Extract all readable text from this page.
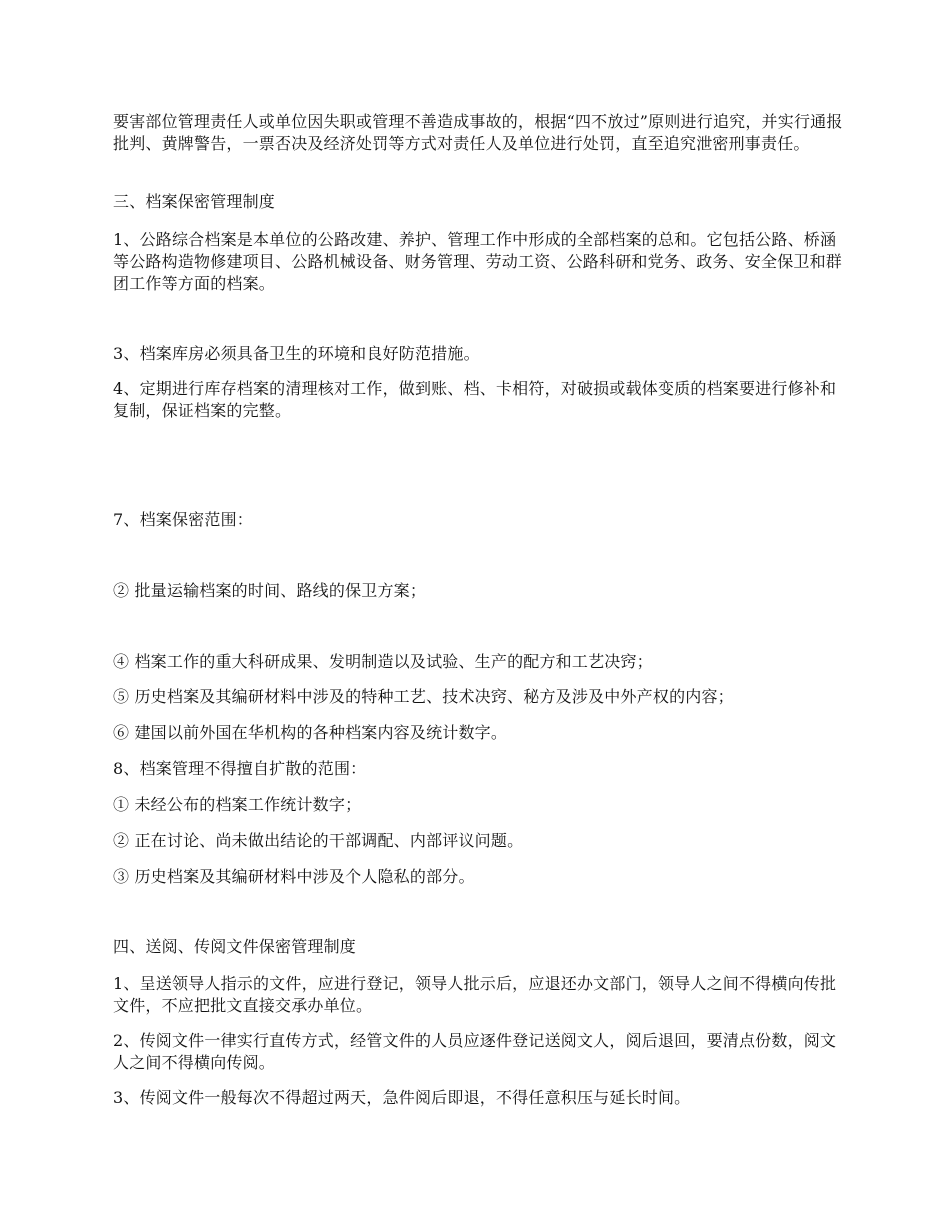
要害部位管理责任人或单位因失职或管理不善造成事故的，根据“四不放过”原则进行追究，并实行通报批判、黄牌警告，一票否决及经济处罚等方式对责任人及单位进行处罚，直至追究泄密刑事责任。

三、档案保密管理制度

1、公路综合档案是本单位的公路改建、养护、管理工作中形成的全部档案的总和。它包括公路、桥涵等公路构造物修建项目、公路机械设备、财务管理、劳动工资、公路科研和党务、政务、安全保卫和群团工作等方面的档案。

3、档案库房必须具备卫生的环境和良好防范措施。

4、定期进行库存档案的清理核对工作，做到账、档、卡相符，对破损或载体变质的档案要进行修补和复制，保证档案的完整。

7、档案保密范围：

② 批量运输档案的时间、路线的保卫方案；

④ 档案工作的重大科研成果、发明制造以及试验、生产的配方和工艺决窍；

⑤ 历史档案及其编研材料中涉及的特种工艺、技术决窍、秘方及涉及中外产权的内容；

⑥ 建国以前外国在华机构的各种档案内容及统计数字。

8、档案管理不得擅自扩散的范围：

① 未经公布的档案工作统计数字；

② 正在讨论、尚未做出结论的干部调配、内部评议问题。

③ 历史档案及其编研材料中涉及个人隐私的部分。

四、送阅、传阅文件保密管理制度

1、呈送领导人指示的文件，应进行登记，领导人批示后，应退还办文部门，领导人之间不得横向传批文件，不应把批文直接交承办单位。

2、传阅文件一律实行直传方式，经管文件的人员应逐件登记送阅文人，阅后退回，要清点份数，阅文人之间不得横向传阅。

3、传阅文件一般每次不得超过两天，急件阅后即退，不得任意积压与延长时间。
